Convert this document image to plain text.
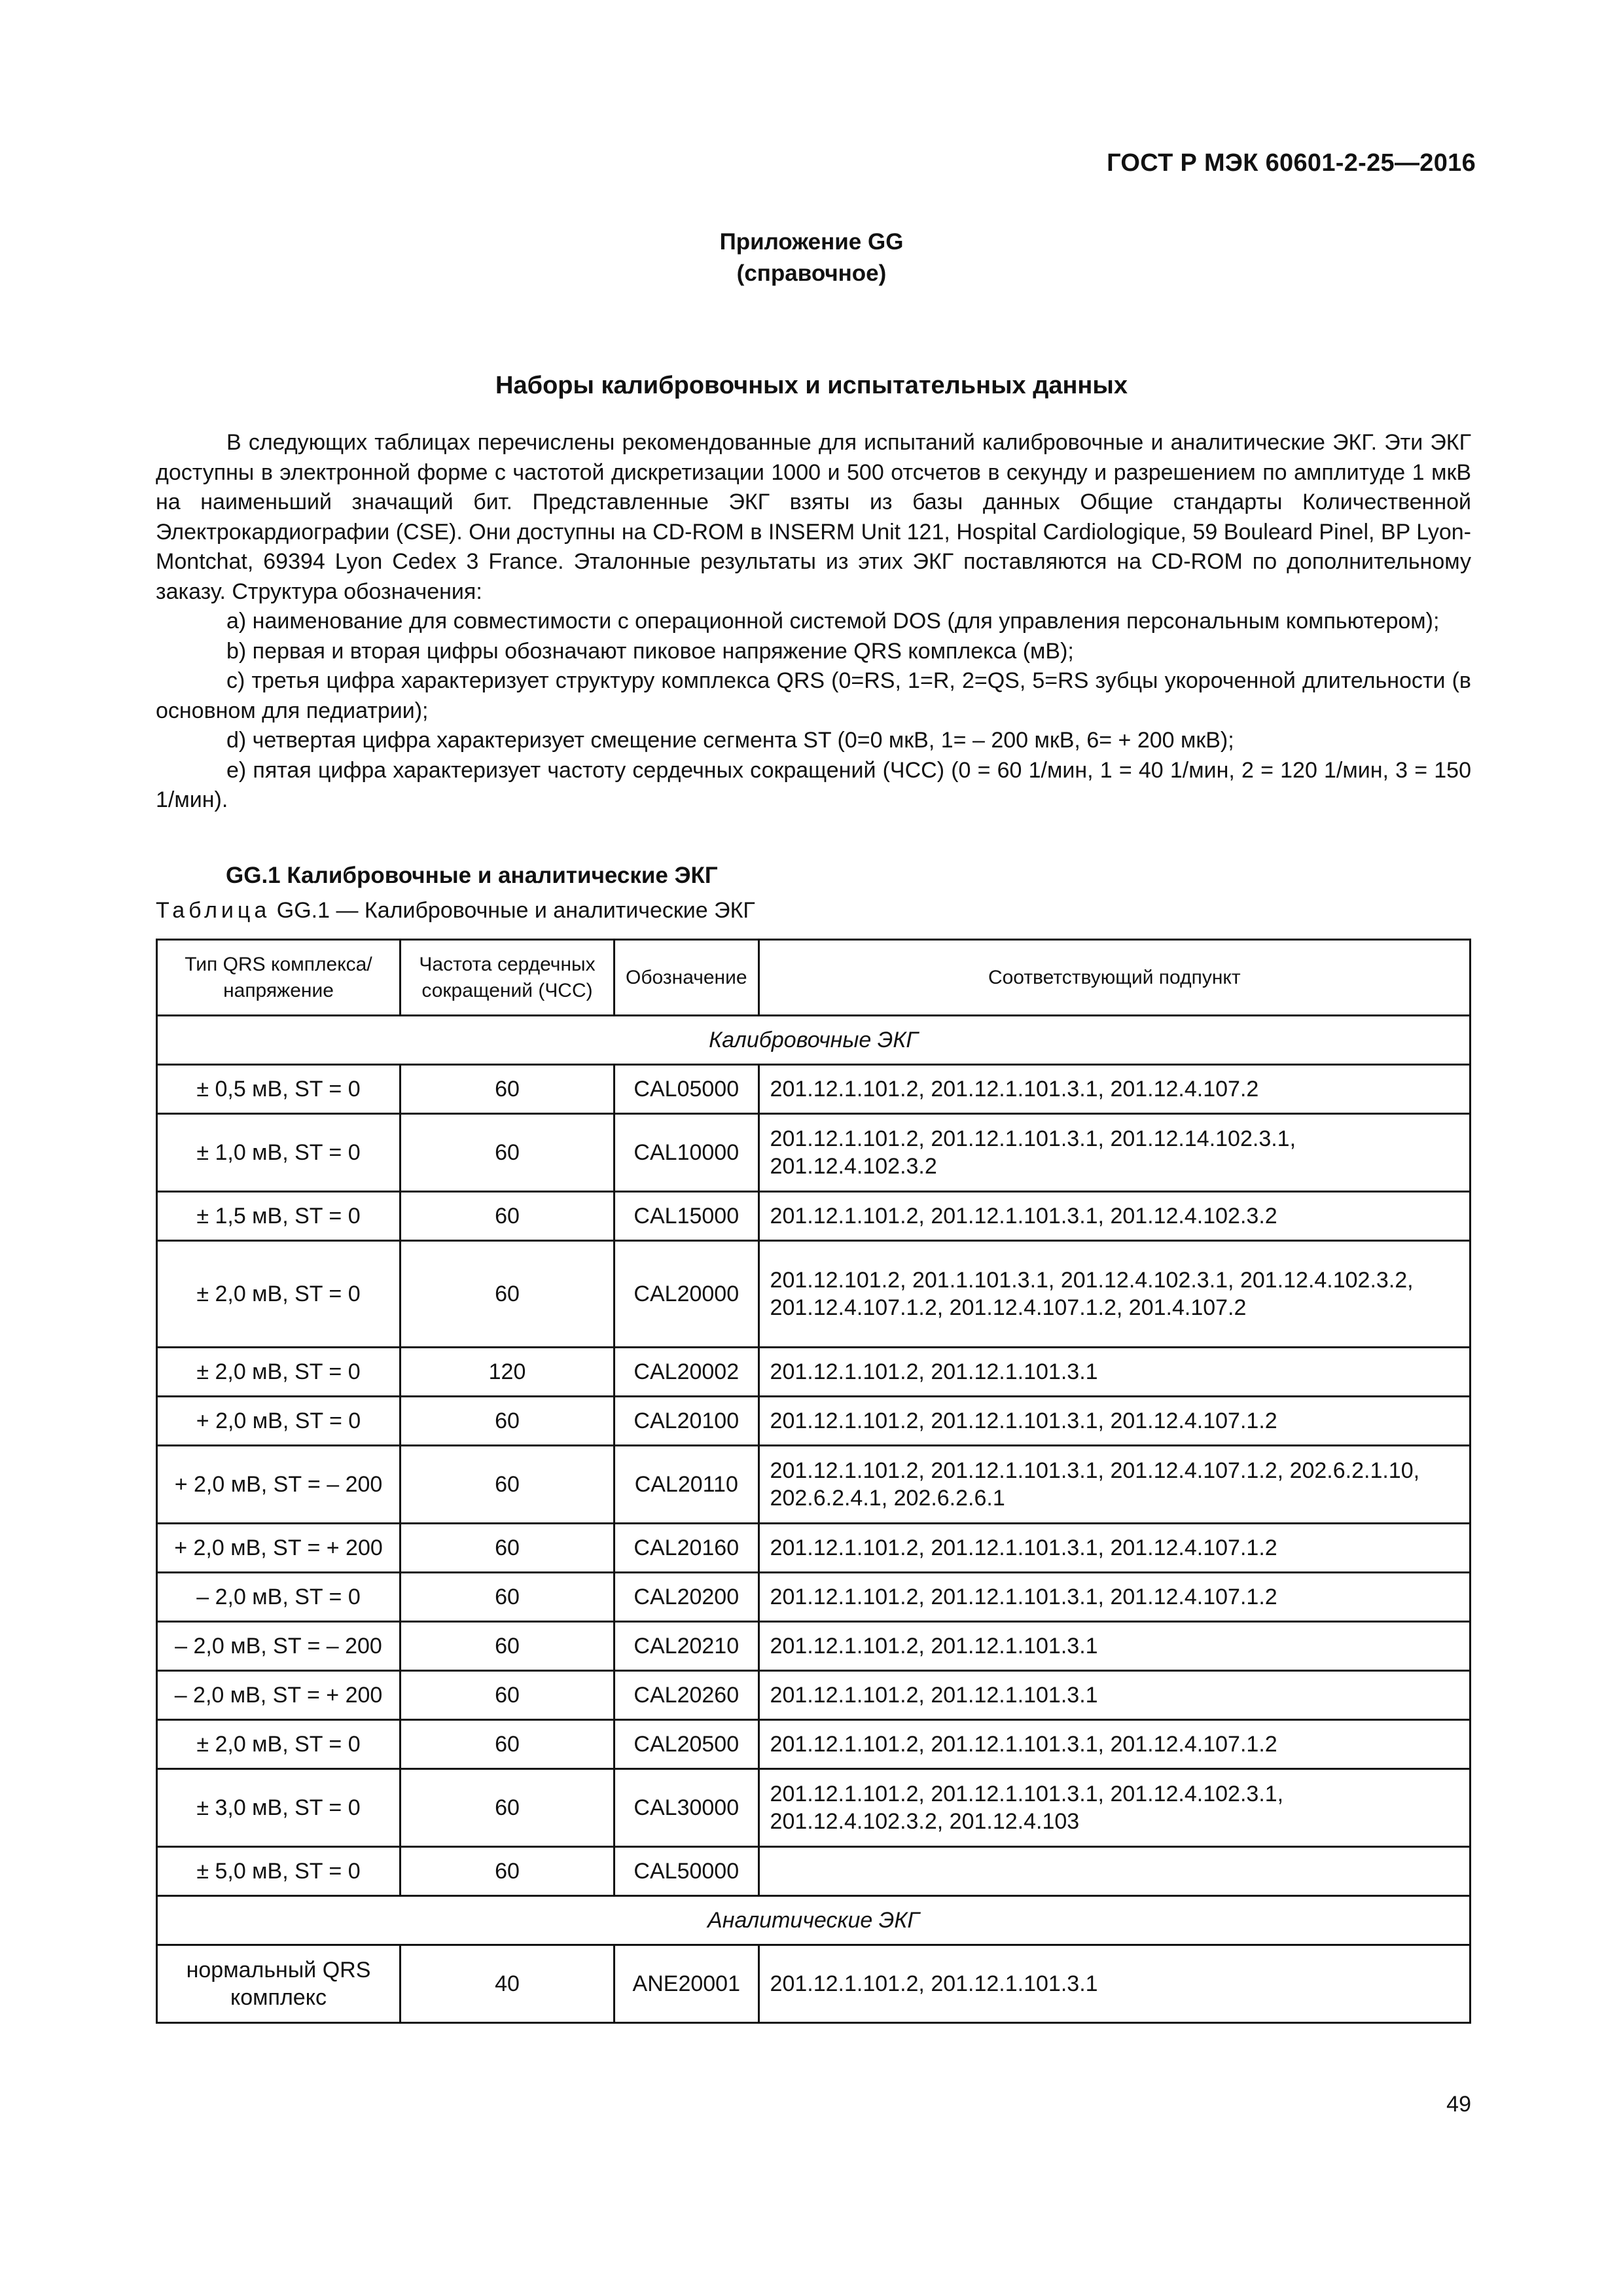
ГОСТ Р МЭК 60601-2-25—2016
Приложение GG
(справочное)
Наборы калибровочных и испытательных данных

В следующих таблицах перечислены рекомендованные для испытаний калибровочные и аналитические ЭКГ. Эти ЭКГ доступны в электронной форме с частотой дискретизации 1000 и 500 отсчетов в секунду и разрешением по амплитуде 1 мкВ на наименьший значащий бит. Представленные ЭКГ взяты из базы данных Общие стандарты Количественной Электрокардиографии (CSE). Они доступны на CD-ROM в INSERM Unit 121, Hospital Cardiologique, 59 Bouleard Pinel, BP Lyon-Montchat, 69394 Lyon Cedex 3 France. Эталонные результаты из этих ЭКГ поставляются на CD-ROM по дополнительному заказу. Структура обозначения:

a) наименование для совместимости с операционной системой DOS (для управления персональным компьютером);

b) первая и вторая цифры обозначают пиковое напряжение QRS комплекса (мВ);

c) третья цифра характеризует структуру комплекса QRS (0=RS, 1=R, 2=QS, 5=RS зубцы укороченной длительности (в основном для педиатрии);

d) четвертая цифра характеризует смещение сегмента ST (0=0 мкВ, 1= – 200 мкВ, 6= + 200 мкВ);

e) пятая цифра характеризует частоту сердечных сокращений (ЧСС) (0 = 60 1/мин, 1 = 40 1/мин, 2 = 120 1/мин, 3 = 150 1/мин).

GG.1 Калибровочные и аналитические ЭКГ
Таблица GG.1 — Калибровочные и аналитические ЭКГ
Тип QRS комплекса/ напряжение	Частота сердечных сокращений (ЧСС)	Обозначение	Соответствующий подпункт
Калибровочные ЭКГ			
± 0,5 мВ, ST = 0	60	CAL05000	201.12.1.101.2, 201.12.1.101.3.1, 201.12.4.107.2
± 1,0 мВ, ST = 0	60	CAL10000	201.12.1.101.2, 201.12.1.101.3.1, 201.12.14.102.3.1, 201.12.4.102.3.2
± 1,5 мВ, ST = 0	60	CAL15000	201.12.1.101.2, 201.12.1.101.3.1, 201.12.4.102.3.2
± 2,0 мВ, ST = 0	60	CAL20000	201.12.101.2, 201.1.101.3.1, 201.12.4.102.3.1, 201.12.4.102.3.2, 201.12.4.107.1.2, 201.12.4.107.1.2, 201.4.107.2
± 2,0 мВ, ST = 0	120	CAL20002	201.12.1.101.2, 201.12.1.101.3.1
+ 2,0 мВ, ST = 0	60	CAL20100	201.12.1.101.2, 201.12.1.101.3.1, 201.12.4.107.1.2
+ 2,0 мВ, ST = – 200	60	CAL20110	201.12.1.101.2, 201.12.1.101.3.1, 201.12.4.107.1.2, 202.6.2.1.10, 202.6.2.4.1, 202.6.2.6.1
+ 2,0 мВ, ST = + 200	60	CAL20160	201.12.1.101.2, 201.12.1.101.3.1, 201.12.4.107.1.2
– 2,0 мВ, ST = 0	60	CAL20200	201.12.1.101.2, 201.12.1.101.3.1, 201.12.4.107.1.2
– 2,0 мВ, ST = – 200	60	CAL20210	201.12.1.101.2, 201.12.1.101.3.1
– 2,0 мВ, ST = + 200	60	CAL20260	201.12.1.101.2, 201.12.1.101.3.1
± 2,0 мВ, ST = 0	60	CAL20500	201.12.1.101.2, 201.12.1.101.3.1, 201.12.4.107.1.2
± 3,0 мВ, ST = 0	60	CAL30000	201.12.1.101.2, 201.12.1.101.3.1, 201.12.4.102.3.1, 201.12.4.102.3.2, 201.12.4.103
± 5,0 мВ, ST = 0	60	CAL50000	
Аналитические ЭКГ			
нормальный QRS комплекс	40	ANE20001	201.12.1.101.2, 201.12.1.101.3.1
49
